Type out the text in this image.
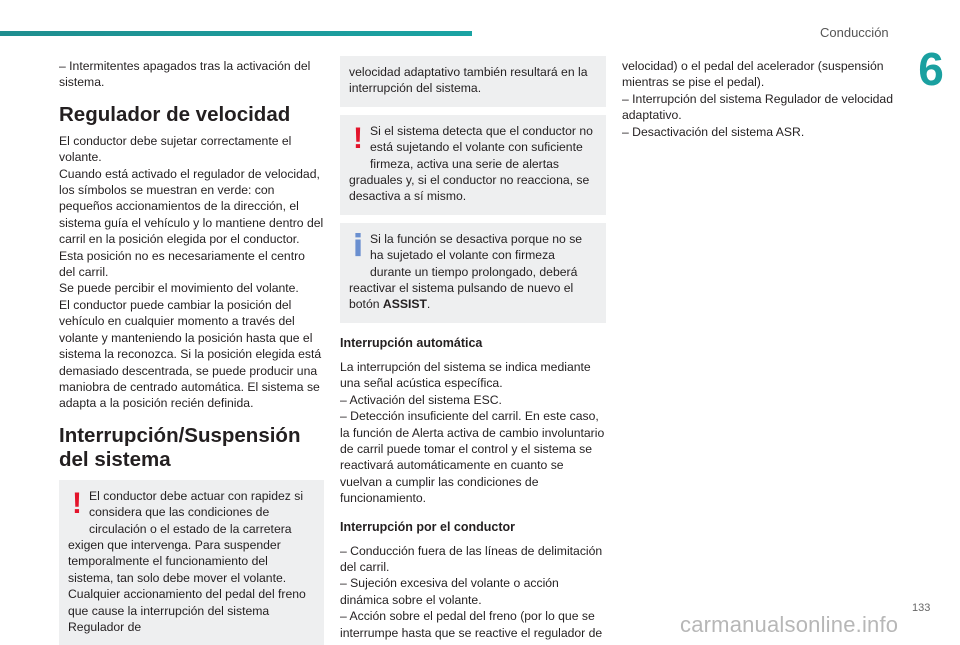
Conducción
6

– Intermitentes apagados tras la activación del sistema.

Regulador de velocidad

El conductor debe sujetar correctamente el volante.

Cuando está activado el regulador de velocidad, los símbolos se muestran en verde: con pequeños accionamientos de la dirección, el sistema guía el vehículo y lo mantiene dentro del carril en la posición elegida por el conductor. Esta posición no es necesariamente el centro del carril.

Se puede percibir el movimiento del volante.

El conductor puede cambiar la posición del vehículo en cualquier momento a través del volante y manteniendo la posición hasta que el sistema la reconozca. Si la posición elegida está demasiado descentrada, se puede producir una maniobra de centrado automática. El sistema se adapta a la posición recién definida.

Interrupción/Suspensión del sistema
! El conductor debe actuar con rapidez si considera que las condiciones de circulación o el estado de la carretera exigen que intervenga. Para suspender temporalmente el funcionamiento del sistema, tan solo debe mover el volante. Cualquier accionamiento del pedal del freno que cause la interrupción del sistema Regulador de
velocidad adaptativo también resultará en la interrupción del sistema.
! Si el sistema detecta que el conductor no está sujetando el volante con suficiente firmeza, activa una serie de alertas graduales y, si el conductor no reacciona, se desactiva a sí mismo.
i Si la función se desactiva porque no se ha sujetado el volante con firmeza durante un tiempo prolongado, deberá reactivar el sistema pulsando de nuevo el botón ASSIST.
Interrupción automática

La interrupción del sistema se indica mediante una señal acústica específica.

– Activación del sistema ESC.

– Detección insuficiente del carril. En este caso, la función de Alerta activa de cambio involuntario de carril puede tomar el control y el sistema se reactivará automáticamente en cuanto se vuelvan a cumplir las condiciones de funcionamiento.

Interrupción por el conductor

– Conducción fuera de las líneas de delimitación del carril.

– Sujeción excesiva del volante o acción dinámica sobre el volante.

– Acción sobre el pedal del freno (por lo que se interrumpe hasta que se reactive el regulador de

velocidad) o el pedal del acelerador (suspensión mientras se pise el pedal).

– Interrupción del sistema Regulador de velocidad adaptativo.

– Desactivación del sistema ASR.

carmanualsonline.info
133
